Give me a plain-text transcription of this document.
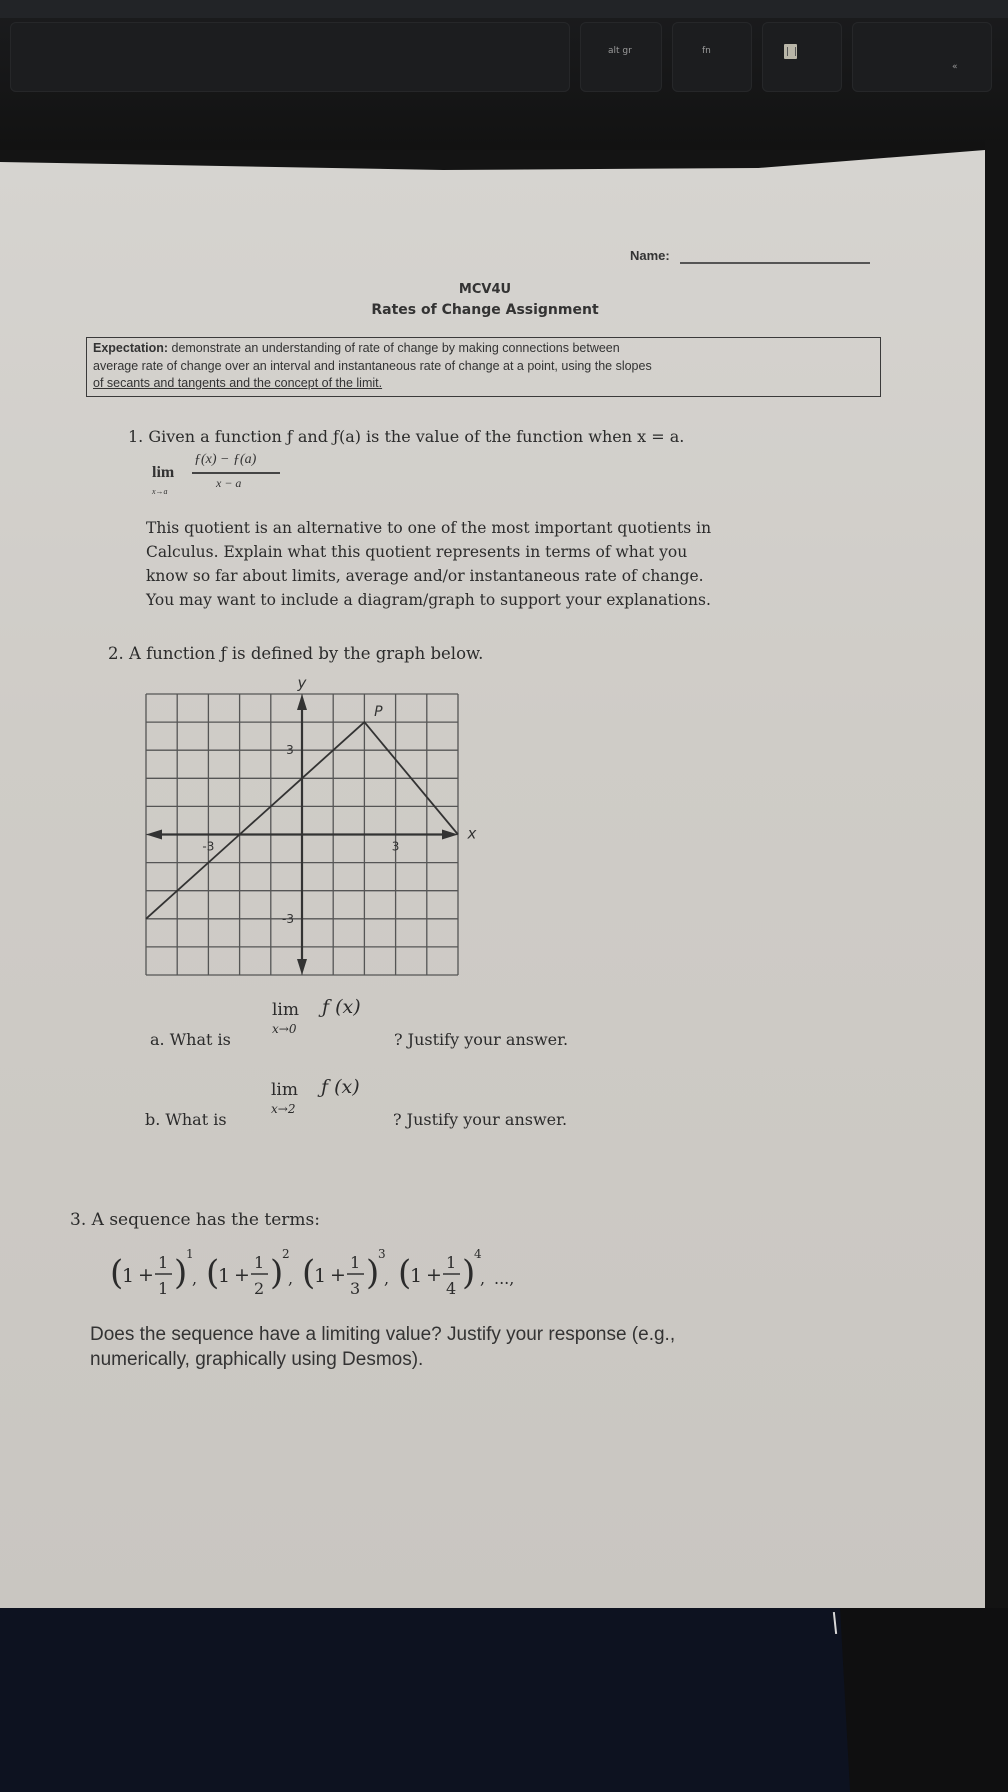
alt gr	fn
«
Name:
MCV4U
Rates of Change Assignment
Expectation: demonstrate an understanding of rate of change by making connections between
average rate of change over an interval and instantaneous rate of change at a point, using the slopes
of secants and tangents and the concept of the limit.
1. Given a function ƒ and ƒ(a) is the value of the function when x = a.
lim
x→a
ƒ(x) − ƒ(a)
x − a
This quotient is an alternative to one of the most important quotients in
Calculus. Explain what this quotient represents in terms of what you
know so far about limits, average and/or instantaneous rate of change.
You may want to include a diagram/graph to support your explanations.
2. A function ƒ is defined by the graph below.
-3	3
3
-3
y
x
P
a. What is
lim
x→0
ƒ (x)
? Justify your answer.
b. What is
lim
x→2
ƒ (x)
? Justify your answer.
3. A sequence has the terms:
(
1 +
1
1 )
1
, (
1 +
1
2 )
2
, (
1 +
1
3 )
3
, (
1 +
1
4 )
4
, ...,
Does the sequence have a limiting value? Justify your response (e.g.,
numerically, graphically using Desmos).
